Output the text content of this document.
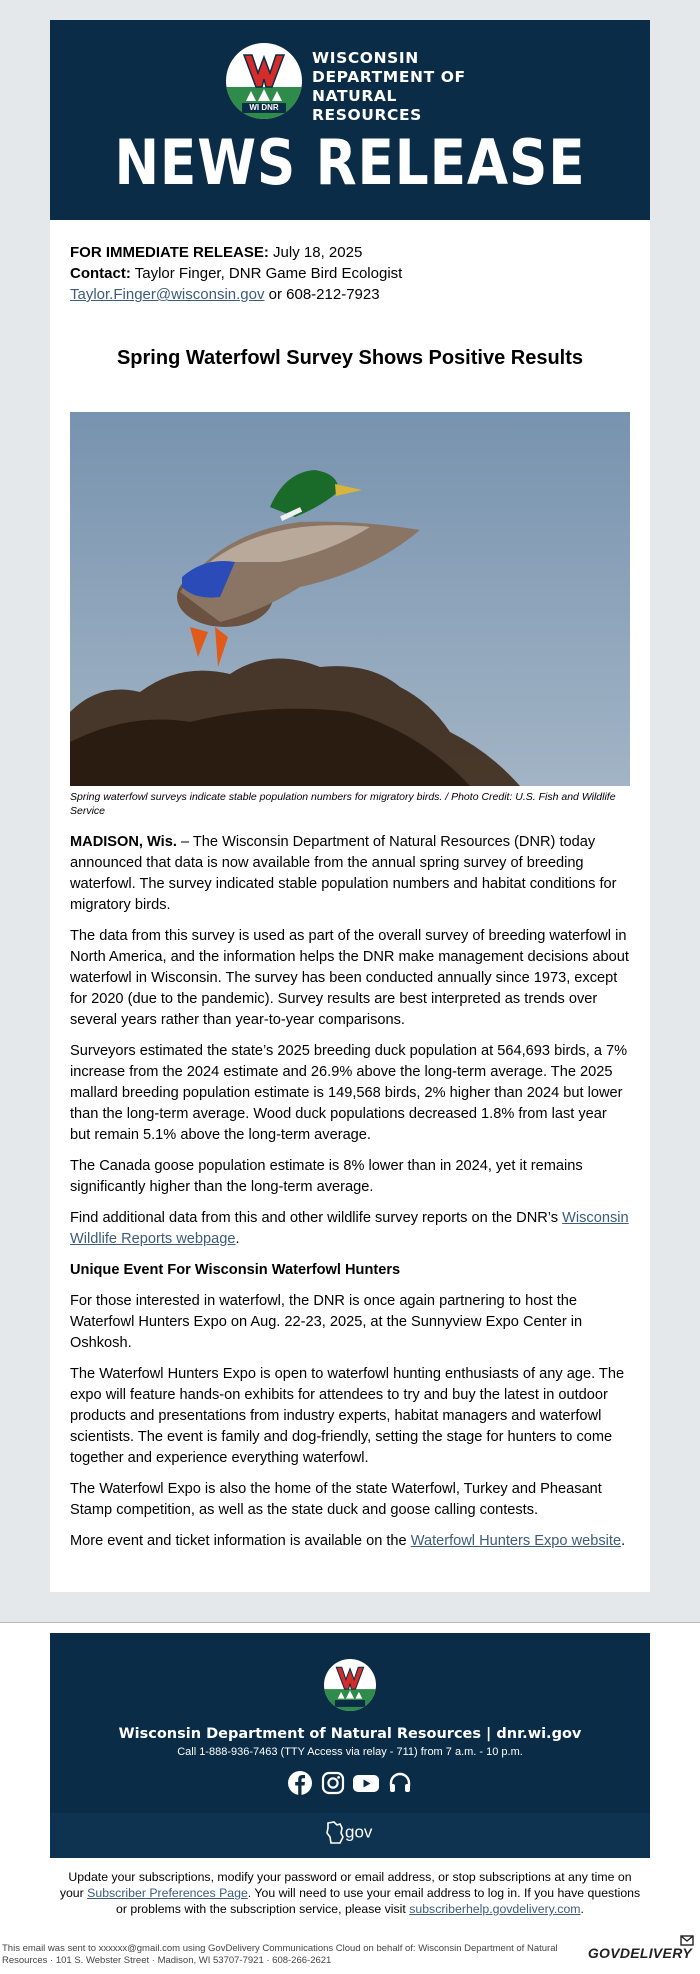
WI DNR
WISCONSIN
DEPARTMENT OF
NATURAL RESOURCES
NEWS RELEASE
FOR IMMEDIATE RELEASE: July 18, 2025
Contact: Taylor Finger, DNR Game Bird Ecologist
Taylor.Finger@wisconsin.gov or 608-212-7923
Spring Waterfowl Survey Shows Positive Results
Spring waterfowl surveys indicate stable population numbers for migratory birds. / Photo Credit: U.S. Fish and Wildlife Service

MADISON, Wis. – The Wisconsin Department of Natural Resources (DNR) today announced that data is now available from the annual spring survey of breeding waterfowl. The survey indicated stable population numbers and habitat conditions for migratory birds.

The data from this survey is used as part of the overall survey of breeding waterfowl in North America, and the information helps the DNR make management decisions about waterfowl in Wisconsin. The survey has been conducted annually since 1973, except for 2020 (due to the pandemic). Survey results are best interpreted as trends over several years rather than year-to-year comparisons.

Surveyors estimated the state’s 2025 breeding duck population at 564,693 birds, a 7% increase from the 2024 estimate and 26.9% above the long-term average. The 2025 mallard breeding population estimate is 149,568 birds, 2% higher than 2024 but lower than the long-term average. Wood duck populations decreased 1.8% from last year but remain 5.1% above the long-term average.

The Canada goose population estimate is 8% lower than in 2024, yet it remains significantly higher than the long-term average.

Find additional data from this and other wildlife survey reports on the DNR’s Wisconsin Wildlife Reports webpage.

Unique Event For Wisconsin Waterfowl Hunters

For those interested in waterfowl, the DNR is once again partnering to host the Waterfowl Hunters Expo on Aug. 22-23, 2025, at the Sunnyview Expo Center in Oshkosh.

The Waterfowl Hunters Expo is open to waterfowl hunting enthusiasts of any age. The expo will feature hands-on exhibits for attendees to try and buy the latest in outdoor products and presentations from industry experts, habitat managers and waterfowl scientists. The event is family and dog-friendly, setting the stage for hunters to come together and experience everything waterfowl.

The Waterfowl Expo is also the home of the state Waterfowl, Turkey and Pheasant Stamp competition, as well as the state duck and goose calling contests.

More event and ticket information is available on the Waterfowl Hunters Expo website.

Wisconsin Department of Natural Resources | dnr.wi.gov
Call 1-888-936-7463 (TTY Access via relay - 711) from 7 a.m. - 10 p.m.

gov
Update your subscriptions, modify your password or email address, or stop subscriptions at any time on your Subscriber Preferences Page. You will need to use your email address to log in. If you have questions or problems with the subscription service, please visit subscriberhelp.govdelivery.com.
This email was sent to xxxxxx@gmail.com using GovDelivery Communications Cloud on behalf of: Wisconsin Department of Natural Resources · 101 S. Webster Street · Madison, WI 53707-7921 · 608-266-2621	GOVDELIVERY
